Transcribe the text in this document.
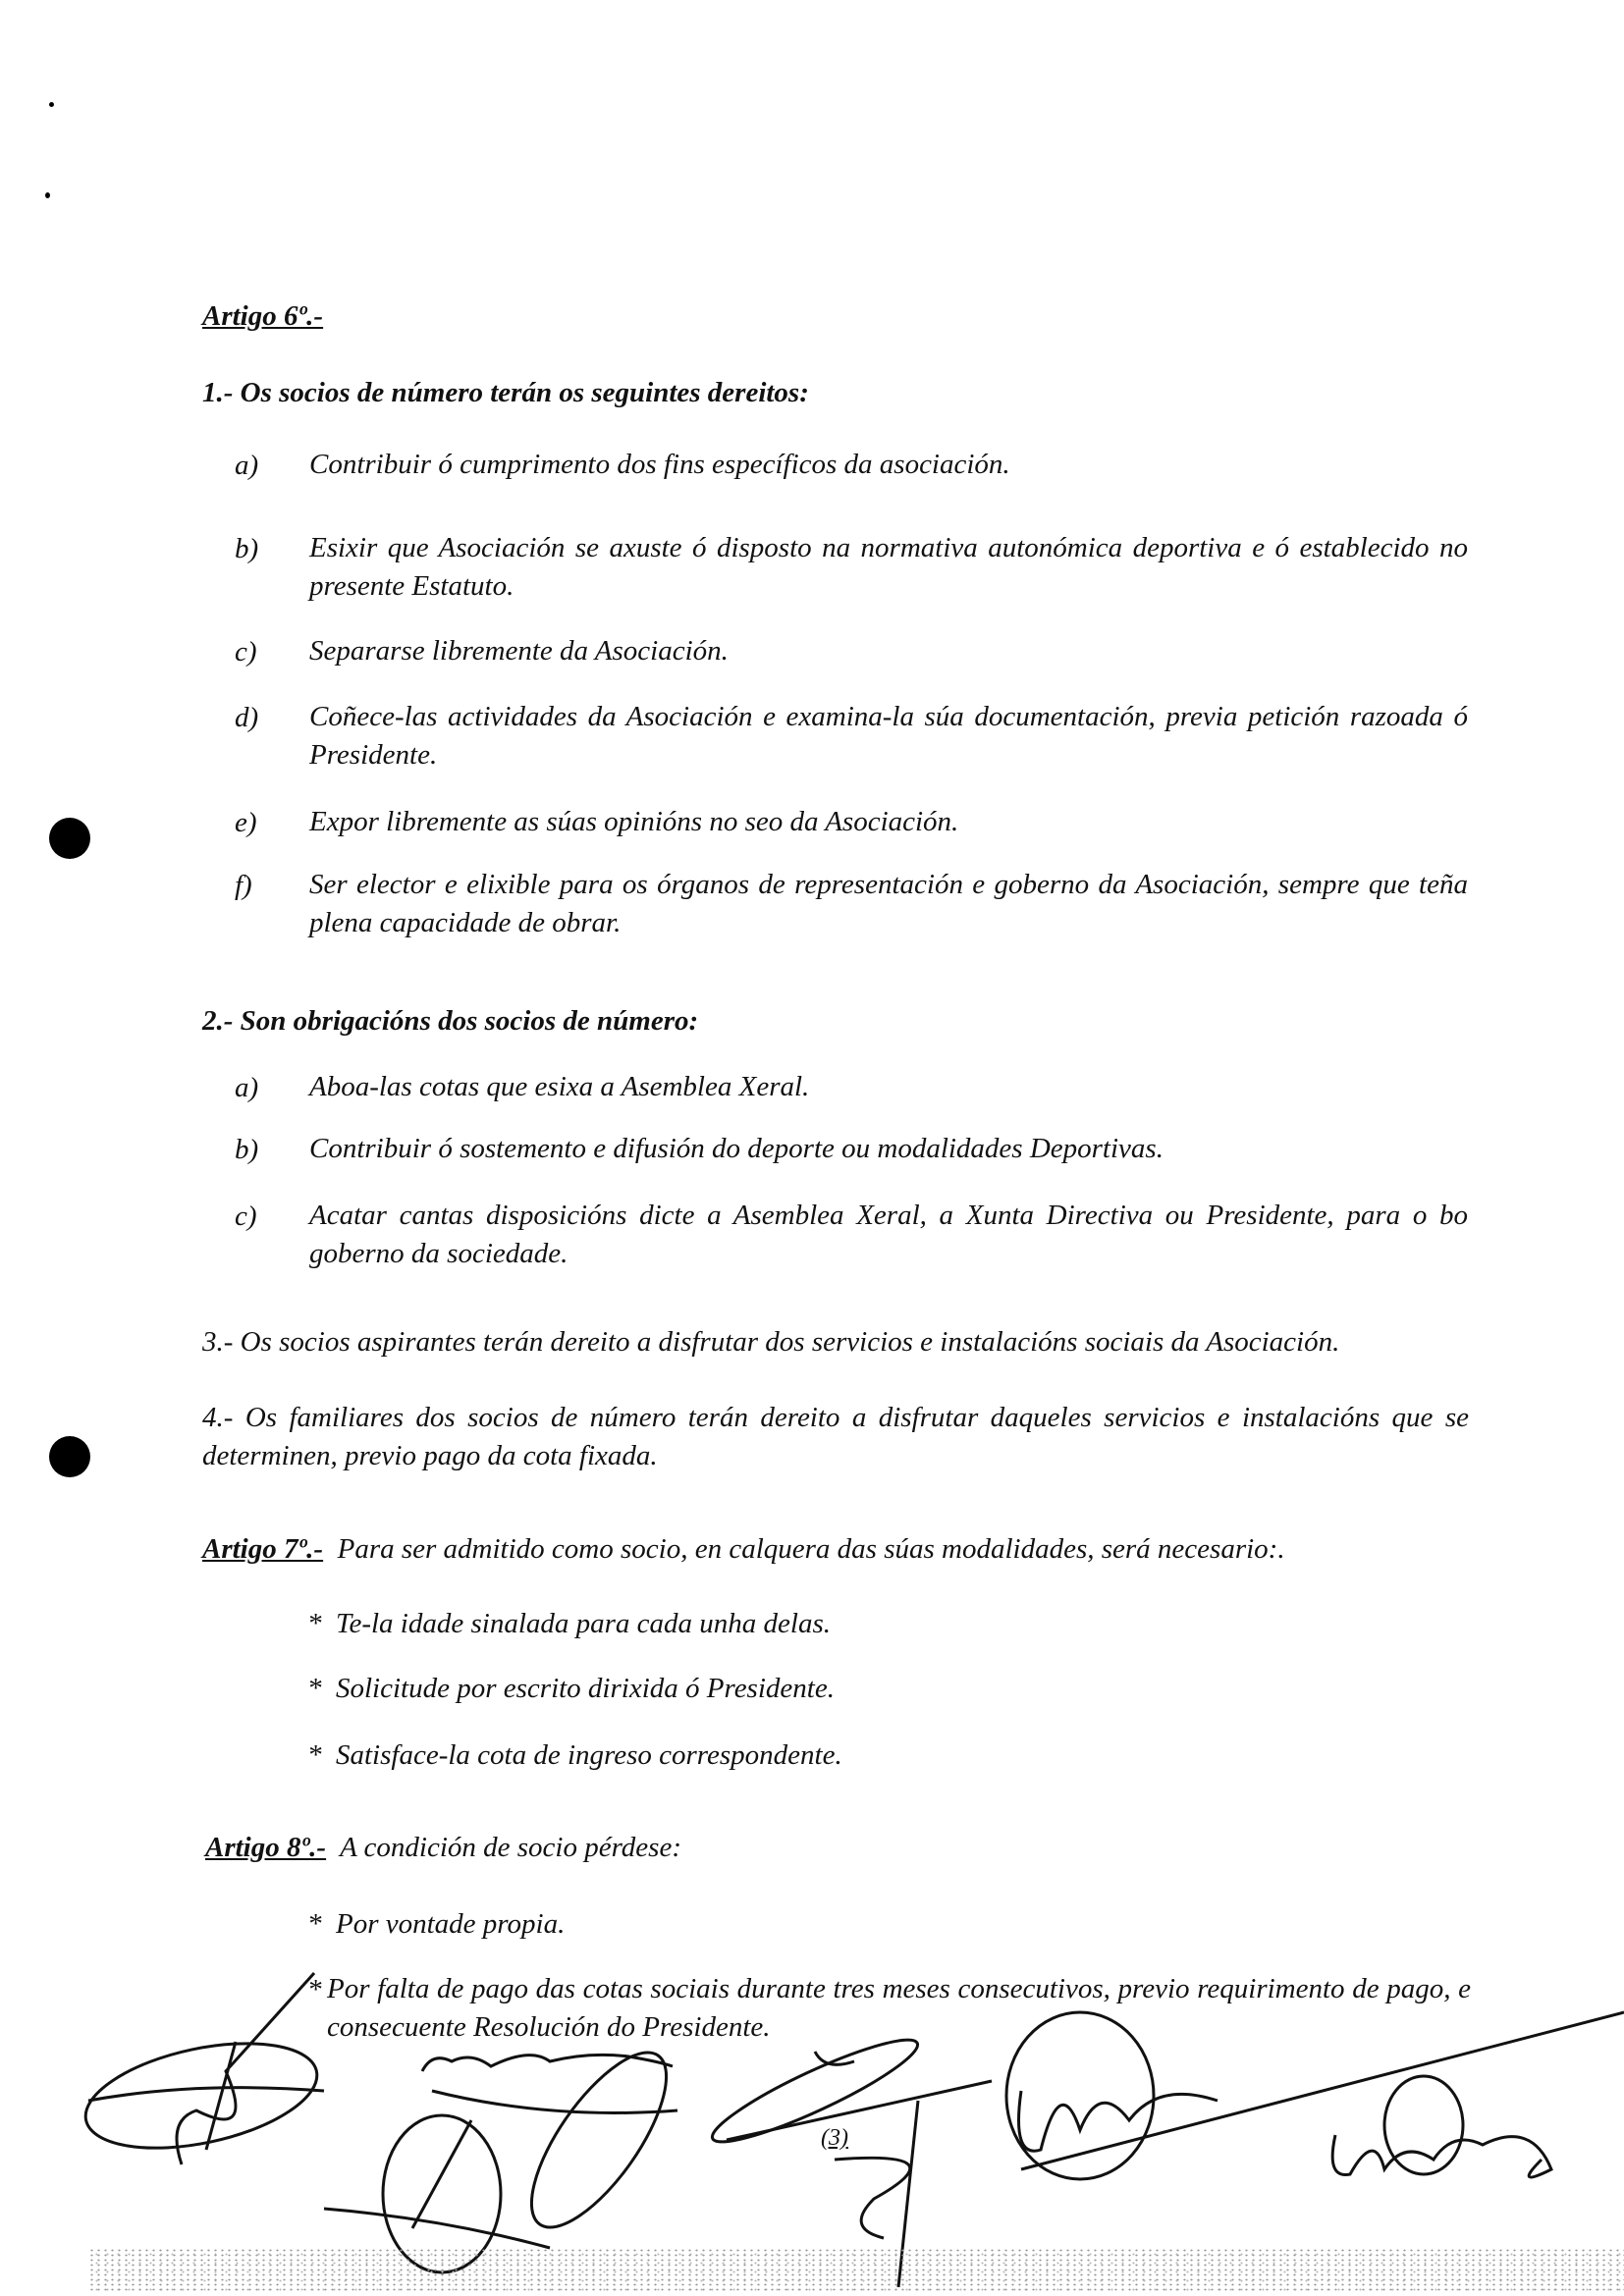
Artigo 6º.-
1.- Os socios de número terán os seguintes dereitos:
a) Contribuir ó cumprimento dos fins específicos da asociación.
b) Esixir que Asociación se axuste ó disposto na normativa autonómica deportiva e ó establecido no presente Estatuto.
c) Separarse libremente da Asociación.
d) Coñece-las actividades da Asociación e examina-la súa documentación, previa petición razoada ó Presidente.
e) Expor libremente as súas opinións no seo da Asociación.
f) Ser elector e elixible para os órganos de representación e goberno da Asociación, sempre que teña plena capacidade de obrar.
2.- Son obrigacións dos socios de número:
a) Aboa-las cotas que esixa a Asemblea Xeral.
b) Contribuir ó sostemento e difusión do deporte ou modalidades Deportivas.
c) Acatar cantas disposicións dicte a Asemblea Xeral, a Xunta Directiva ou Presidente, para o bo goberno da sociedade.
3.- Os socios aspirantes terán dereito a disfrutar dos servicios e instalacións sociais da Asociación.
4.- Os familiares dos socios de número terán dereito a disfrutar daqueles servicios e instalacións que se determinen, previo pago da cota fixada.
Artigo 7º.- Para ser admitido como socio, en calquera das súas modalidades, será necesario:.
* Te-la idade sinalada para cada unha delas.
* Solicitude por escrito dirixida ó Presidente.
* Satisface-la cota de ingreso correspondente.
Artigo 8º.- A condición de socio pérdese:
* Por vontade propia.
* Por falta de pago das cotas sociais durante tres meses consecutivos, previo requirimento de pago, e consecuente Resolución do Presidente.
(3)
